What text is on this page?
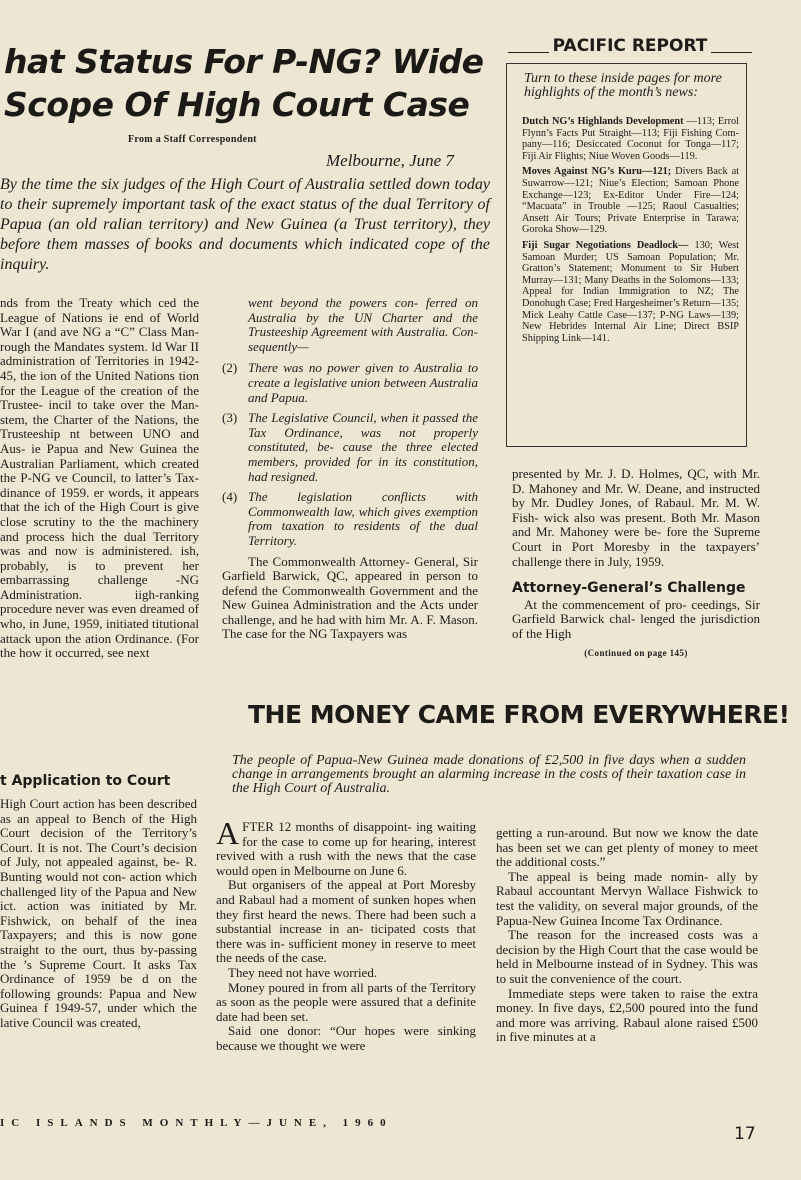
hat Status For P-NG? Wide
Scope Of High Court Case
From a Staff Correspondent
Melbourne, June 7
By the time the six judges of the High Court of Australia settled down today to their supremely important task of the exact status of the dual Territory of Papua (an old ralian territory) and New Guinea (a Trust territory), they before them masses of books and documents which indicated cope of the inquiry.
nds from the Treaty which ced the League of Nations ie end of World War I (and ave NG a “C” Class Man- rough the Mandates system. ld War II administration of Territories in 1942-45, the ion of the United Nations tion for the League of the creation of the Trustee- incil to take over the Man- stem, the Charter of the Nations, the Trusteeship nt between UNO and Aus- ie Papua and New Guinea the Australian Parliament, which created the P-NG ve Council, to latter’s Tax- dinance of 1959. er words, it appears that the ich of the High Court is give close scrutiny to the the machinery and process hich the dual Territory was and now is administered. ish, probably, is to prevent her embarrassing challenge -NG Administration. iigh-ranking procedure never was even dreamed of who, in June, 1959, initiated titutional attack upon the ation Ordinance. (For the how it occurred, see next
went beyond the powers con- ferred on Australia by the UN Charter and the Trusteeship Agreement with Australia. Con- sequently—
(2) There was no power given to Australia to create a legislative union between Australia and Papua.
(3) The Legislative Council, when it passed the Tax Ordinance, was not properly constituted, be- cause the three elected members, provided for in its constitution, had resigned.
(4) The legislation conflicts with Commonwealth law, which gives exemption from taxation to residents of the dual Territory.
The Commonwealth Attorney- General, Sir Garfield Barwick, QC, appeared in person to defend the Commonwealth Government and the New Guinea Administration and the Acts under challenge, and he had with him Mr. A. F. Mason. The case for the NG Taxpayers was
PACIFIC REPORT
Turn to these inside pages for more highlights of the month’s news:
Dutch NG’s Highlands Development —113; Errol Flynn’s Facts Put Straight—113; Fiji Fishing Com- pany—116; Desiccated Coconut for Tonga—117; Fiji Air Flights; Niue Woven Goods—119.
Moves Against NG’s Kuru—121; Divers Back at Suwarrow—121; Niue’s Election; Samoan Phone Exchange—123; Ex-Editor Under Fire—124; “Macuata” in Trouble —125; Raoul Casualties; Ansett Air Tours; Private Enterprise in Tarawa; Goroka Show—129.
Fiji Sugar Negotiations Deadlock— 130; West Samoan Murder; US Samoan Population; Mr. Gratton’s Statement; Monument to Sir Hubert Murray—131; Many Deaths in the Solomons—133; Appeal for Indian Immigration to NZ; The Donohugh Case; Fred Hargesheimer’s Return—135; Mick Leahy Cattle Case—137; P-NG Laws—139; New Hebrides Internal Air Line; Direct BSIP Shipping Link—141.
presented by Mr. J. D. Holmes, QC, with Mr. D. Mahoney and Mr. W. Deane, and instructed by Mr. Dudley Jones, of Rabaul. Mr. M. W. Fish- wick also was present. Both Mr. Mason and Mr. Mahoney were be- fore the Supreme Court in Port Moresby in the taxpayers’ challenge there in July, 1959.
Attorney-General’s Challenge
At the commencement of pro- ceedings, Sir Garfield Barwick chal- lenged the jurisdiction of the High
(Continued on page 145)
t Application to Court
High Court action has been described as an appeal to Bench of the High Court decision of the Territory’s Court. It is not. The Court’s decision of July, not appealed against, be- R. Bunting would not con- action which challenged lity of the Papua and New ict. action was initiated by Mr. Fishwick, on behalf of the inea Taxpayers; and this is now gone straight to the ourt, thus by-passing the ’s Supreme Court. It asks Tax Ordinance of 1959 be d on the following grounds: Papua and New Guinea f 1949-57, under which the lative Council was created,
THE MONEY CAME FROM EVERYWHERE!
The people of Papua-New Guinea made donations of £2,500 in five days when a sudden change in arrangements brought an alarming increase in the costs of their taxation case in the High Court of Australia.
AFTER 12 months of disappoint- ing waiting for the case to come up for hearing, interest revived with a rush with the news that the case would open in Melbourne on June 6.
But organisers of the appeal at Port Moresby and Rabaul had a moment of sunken hopes when they first heard the news. There had been such a substantial increase in an- ticipated costs that there was in- sufficient money in reserve to meet the needs of the case.
They need not have worried.
Money poured in from all parts of the Territory as soon as the people were assured that a definite date had been set.
Said one donor: “Our hopes were sinking because we thought we were
getting a run-around. But now we know the date has been set we can get plenty of money to meet the additional costs.”
The appeal is being made nomin- ally by Rabaul accountant Mervyn Wallace Fishwick to test the validity, on several major grounds, of the Papua-New Guinea Income Tax Ordinance.
The reason for the increased costs was a decision by the High Court that the case would be held in Melbourne instead of in Sydney. This was to suit the convenience of the court.
Immediate steps were taken to raise the extra money. In five days, £2,500 poured into the fund and more was arriving. Rabaul alone raised £500 in five minutes at a
IC ISLANDS MONTHLY—JUNE, 1960
17
